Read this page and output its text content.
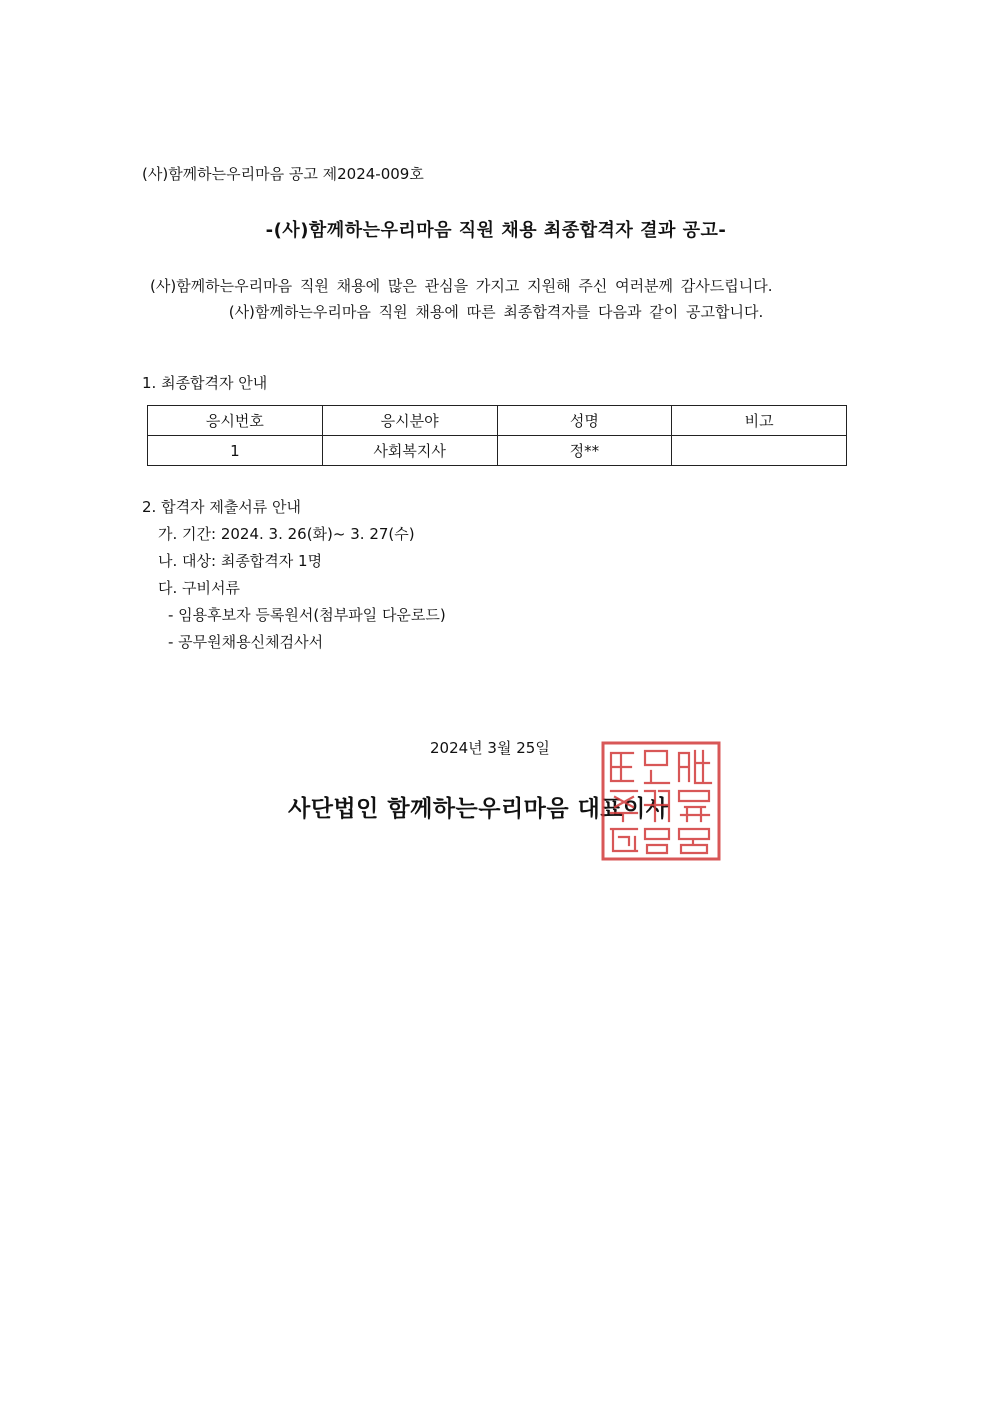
(사)함께하는우리마음 공고 제2024-009호
-(사)함께하는우리마음 직원 채용 최종합격자 결과 공고-
(사)함께하는우리마음 직원 채용에 많은 관심을 가지고 지원해 주신 여러분께 감사드립니다.
(사)함께하는우리마음 직원 채용에 따른 최종합격자를 다음과 같이 공고합니다.
1. 최종합격자 안내
응시번호	응시분야	성명	비고
1	사회복지사	정**	
2. 합격자 제출서류 안내
가. 기간: 2024. 3. 26(화)~ 3. 27(수)
나. 대상: 최종합격자 1명
다. 구비서류
- 임용후보자 등록원서(첨부파일 다운로드)
- 공무원채용신체검사서
2024년 3월 25일
사단법인 함께하는우리마음 대표이사
